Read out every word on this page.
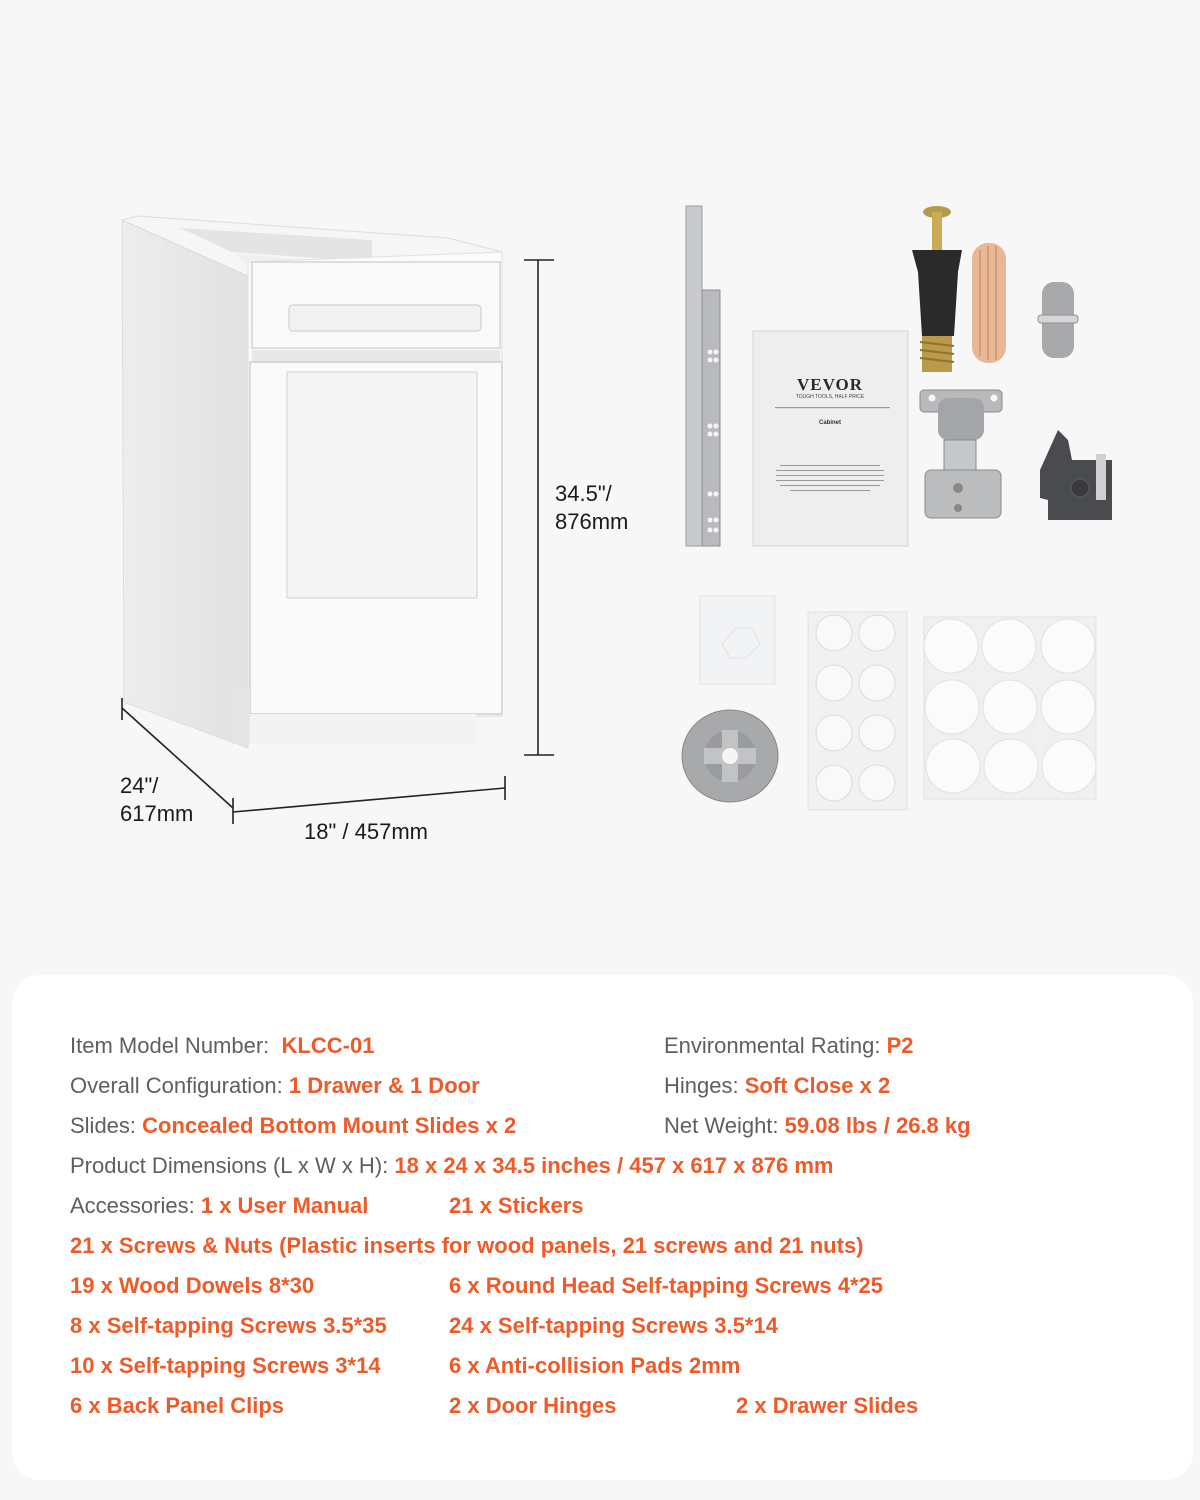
34.5"/
876mm
24"/
617mm
18" / 457mm
VEVOR
TOUGH TOOLS, HALF PRICE
Cabinet
Item Model Number: KLCC-01	Environmental Rating: P2
Overall Configuration: 1 Drawer & 1 Door	Hinges: Soft Close x 2
Slides: Concealed Bottom Mount Slides x 2	Net Weight: 59.08 lbs / 26.8 kg
Product Dimensions (L x W x H): 18 x 24 x 34.5 inches / 457 x 617 x 876 mm
Accessories: 1 x User Manual	21 x Stickers
21 x Screws & Nuts (Plastic inserts for wood panels, 21 screws and 21 nuts)
19 x Wood Dowels 8*30	6 x Round Head Self-tapping Screws 4*25
8 x Self-tapping Screws 3.5*35	24 x Self-tapping Screws 3.5*14
10 x Self-tapping Screws 3*14	6 x Anti-collision Pads 2mm
6 x Back Panel Clips	2 x Door Hinges	2 x Drawer Slides
